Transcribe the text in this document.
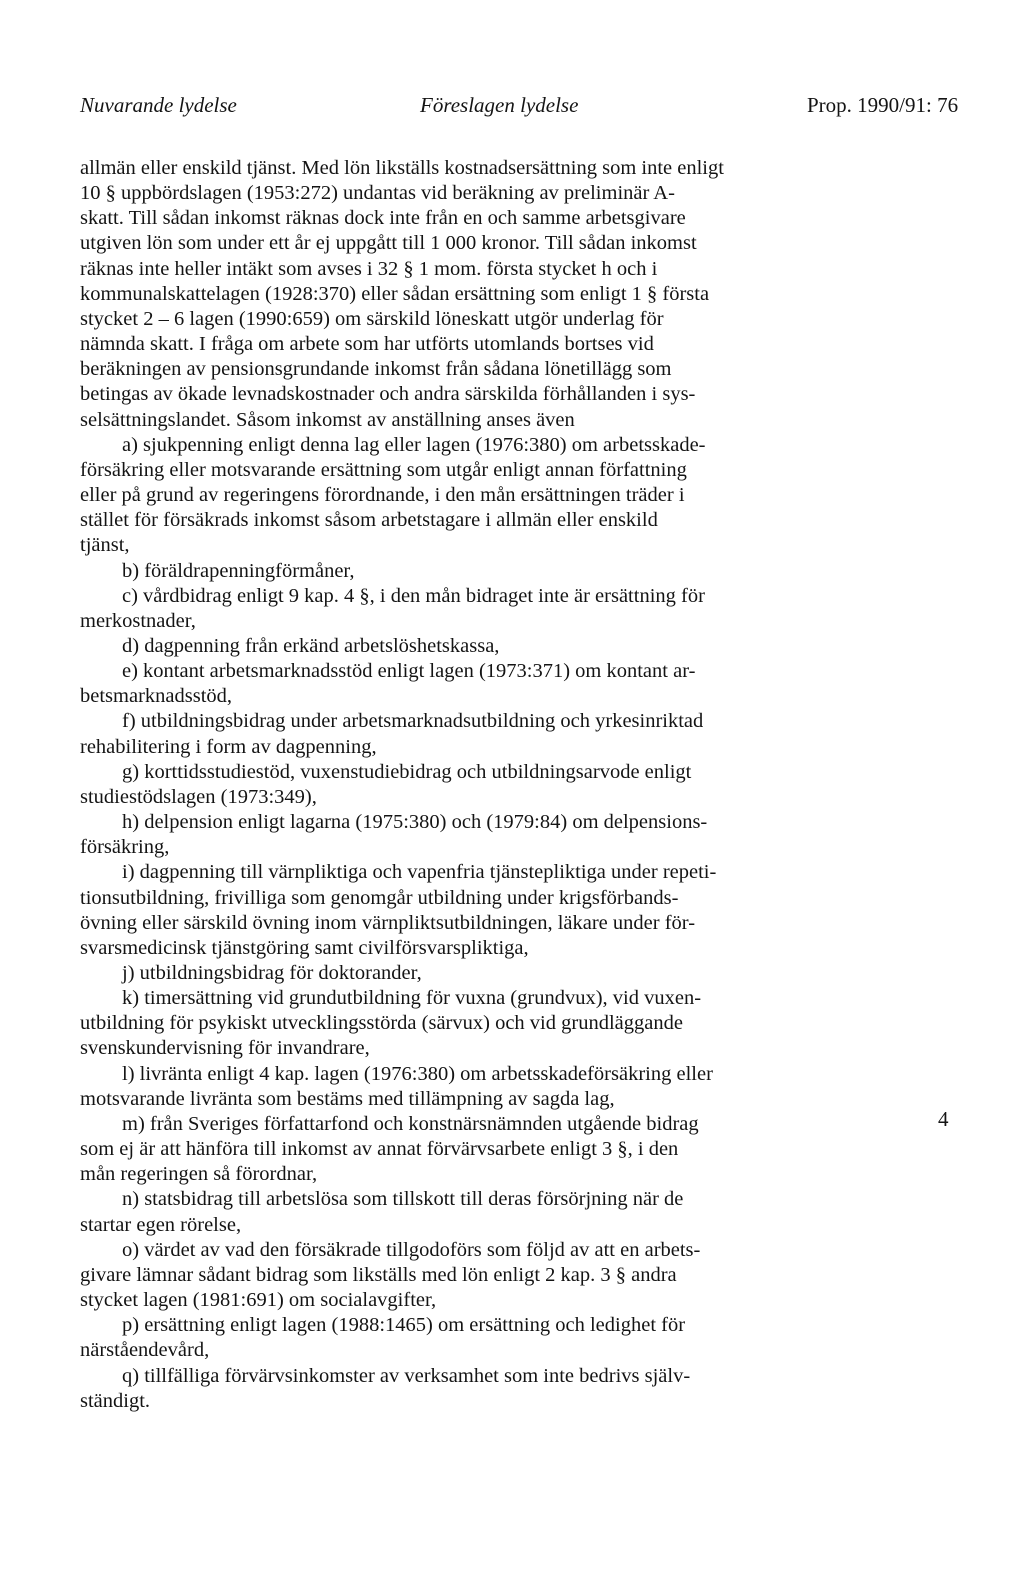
Nuvarande lydelse	Föreslagen lydelse	Prop. 1990/91: 76

allmän eller enskild tjänst. Med lön likställs kostnadsersättning som inte enligt
10 § uppbördslagen (1953:272) undantas vid beräkning av preliminär A-
skatt. Till sådan inkomst räknas dock inte från en och samme arbetsgivare
utgiven lön som under ett år ej uppgått till 1 000 kronor. Till sådan inkomst
räknas inte heller intäkt som avses i 32 § 1 mom. första stycket h och i
kommunalskattelagen (1928:370) eller sådan ersättning som enligt 1 § första
stycket 2 – 6 lagen (1990:659) om särskild löneskatt utgör underlag för
nämnda skatt. I fråga om arbete som har utförts utomlands bortses vid
beräkningen av pensionsgrundande inkomst från sådana lönetillägg som
betingas av ökade levnadskostnader och andra särskilda förhållanden i sys-
selsättningslandet. Såsom inkomst av anställning anses även

a) sjukpenning enligt denna lag eller lagen (1976:380) om arbetsskade-
försäkring eller motsvarande ersättning som utgår enligt annan författning
eller på grund av regeringens förordnande, i den mån ersättningen träder i
stället för försäkrads inkomst såsom arbetstagare i allmän eller enskild
tjänst,

b) föräldrapenningförmåner,

c) vårdbidrag enligt 9 kap. 4 §, i den mån bidraget inte är ersättning för
merkostnader,

d) dagpenning från erkänd arbetslöshetskassa,

e) kontant arbetsmarknadsstöd enligt lagen (1973:371) om kontant ar-
betsmarknadsstöd,

f) utbildningsbidrag under arbetsmarknadsutbildning och yrkesinriktad
rehabilitering i form av dagpenning,

g) korttidsstudiestöd, vuxenstudiebidrag och utbildningsarvode enligt
studiestödslagen (1973:349),

h) delpension enligt lagarna (1975:380) och (1979:84) om delpensions-
försäkring,

i) dagpenning till värnpliktiga och vapenfria tjänstepliktiga under repeti-
tionsutbildning, frivilliga som genomgår utbildning under krigsförbands-
övning eller särskild övning inom värnpliktsutbildningen, läkare under för-
svarsmedicinsk tjänstgöring samt civilförsvarspliktiga,

j) utbildningsbidrag för doktorander,

k) timersättning vid grundutbildning för vuxna (grundvux), vid vuxen-
utbildning för psykiskt utvecklingsstörda (särvux) och vid grundläggande
svenskundervisning för invandrare,

l) livränta enligt 4 kap. lagen (1976:380) om arbetsskadeförsäkring eller
motsvarande livränta som bestäms med tillämpning av sagda lag,

m) från Sveriges författarfond och konstnärsnämnden utgående bidrag
som ej är att hänföra till inkomst av annat förvärvsarbete enligt 3 §, i den
mån regeringen så förordnar,

n) statsbidrag till arbetslösa som tillskott till deras försörjning när de
startar egen rörelse,

o) värdet av vad den försäkrade tillgodoförs som följd av att en arbets-
givare lämnar sådant bidrag som likställs med lön enligt 2 kap. 3 § andra
stycket lagen (1981:691) om socialavgifter,

p) ersättning enligt lagen (1988:1465) om ersättning och ledighet för
närståendevård,

q) tillfälliga förvärvsinkomster av verksamhet som inte bedrivs själv-
ständigt.

4
